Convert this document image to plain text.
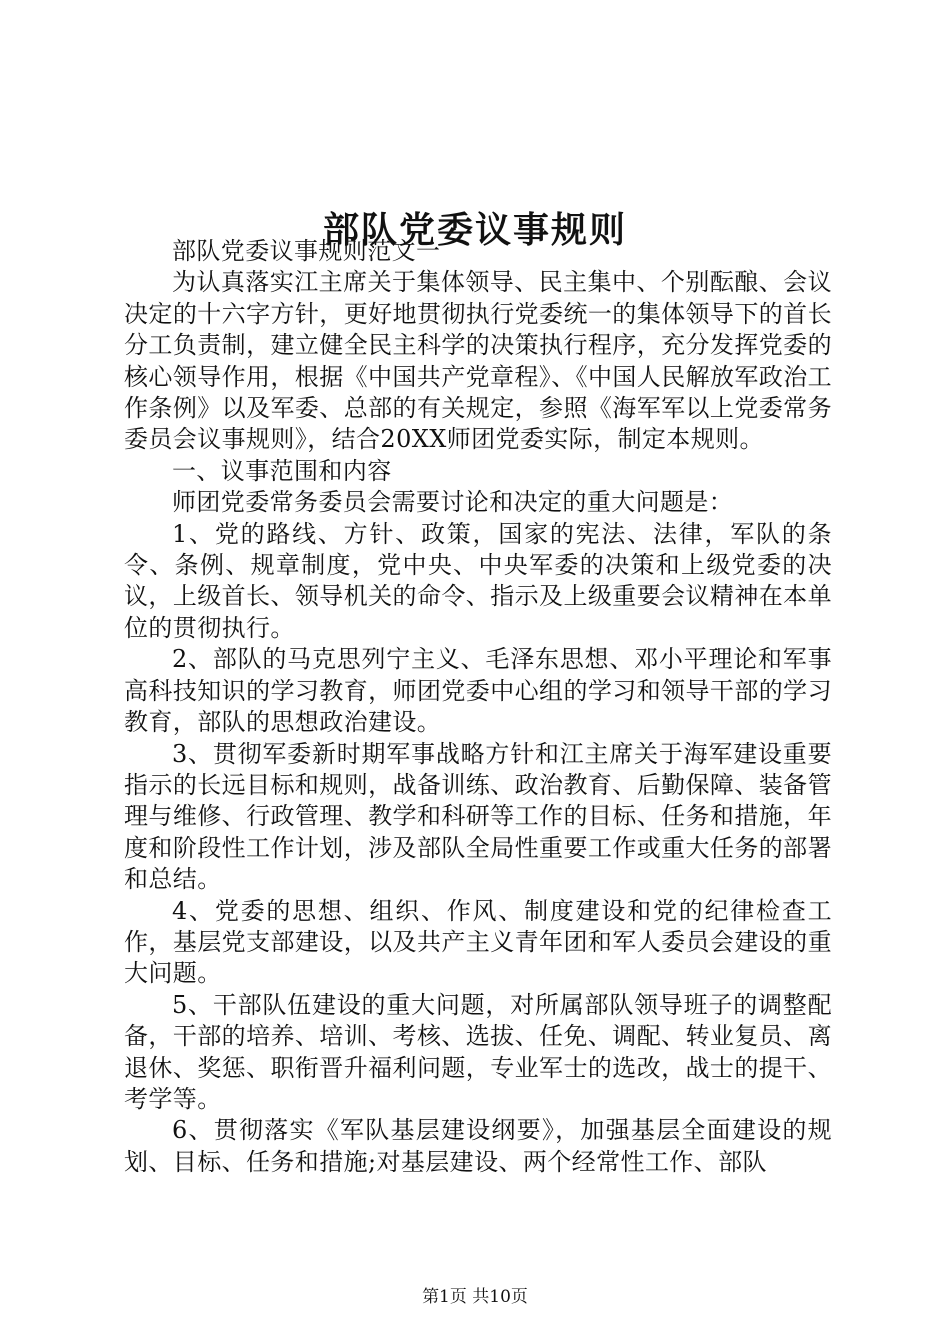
部队党委议事规则

部队党委议事规则范文一

为认真落实江主席关于集体领导、民主集中、个别酝酿、会议决定的十六字方针，更好地贯彻执行党委统一的集体领导下的首长分工负责制，建立健全民主科学的决策执行程序，充分发挥党委的核心领导作用，根据《中国共产党章程》、《中国人民解放军政治工作条例》以及军委、总部的有关规定，参照《海军军以上党委常务委员会议事规则》，结合20XX师团党委实际，制定本规则。

一、议事范围和内容

师团党委常务委员会需要讨论和决定的重大问题是：

1、党的路线、方针、政策，国家的宪法、法律，军队的条令、条例、规章制度，党中央、中央军委的决策和上级党委的决议，上级首长、领导机关的命令、指示及上级重要会议精神在本单位的贯彻执行。

2、部队的马克思列宁主义、毛泽东思想、邓小平理论和军事高科技知识的学习教育，师团党委中心组的学习和领导干部的学习教育，部队的思想政治建设。

3、贯彻军委新时期军事战略方针和江主席关于海军建设重要指示的长远目标和规则，战备训练、政治教育、后勤保障、装备管理与维修、行政管理、教学和科研等工作的目标、任务和措施，年度和阶段性工作计划，涉及部队全局性重要工作或重大任务的部署和总结。

4、党委的思想、组织、作风、制度建设和党的纪律检查工作，基层党支部建设，以及共产主义青年团和军人委员会建设的重大问题。

5、干部队伍建设的重大问题，对所属部队领导班子的调整配备，干部的培养、培训、考核、选拔、任免、调配、转业复员、离退休、奖惩、职衔晋升福利问题，专业军士的选改，战士的提干、考学等。

6、贯彻落实《军队基层建设纲要》，加强基层全面建设的规划、目标、任务和措施;对基层建设、两个经常性工作、部队

第1页 共10页
